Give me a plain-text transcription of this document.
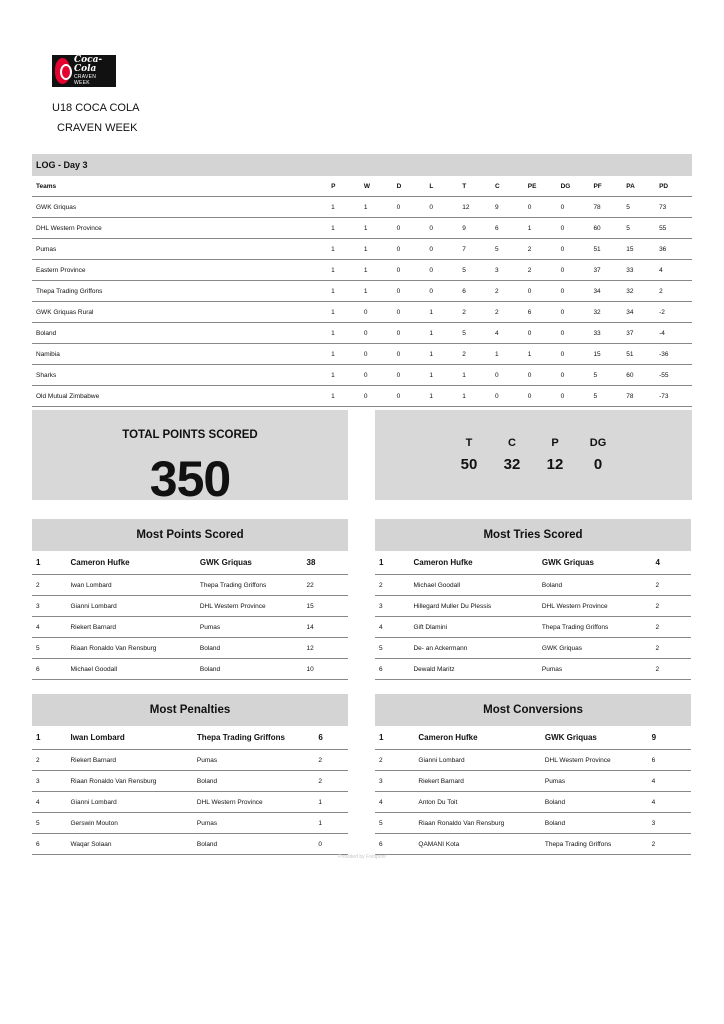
Coca-Cola
CRAVEN
WEEK
U18 COCA COLA
CRAVEN WEEK
LOG - Day 3
Teams	P	W	D	L	T	C	PE	DG	PF	PA	PD
GWK Griquas	1	1	0	0	12	9	0	0	78	5	73
DHL Western Province	1	1	0	0	9	6	1	0	60	5	55
Pumas	1	1	0	0	7	5	2	0	51	15	36
Eastern Province	1	1	0	0	5	3	2	0	37	33	4
Thepa Trading Griffons	1	1	0	0	6	2	0	0	34	32	2
GWK Griquas Rural	1	0	0	1	2	2	6	0	32	34	-2
Boland	1	0	0	1	5	4	0	0	33	37	-4
Namibia	1	0	0	1	2	1	1	0	15	51	-36
Sharks	1	0	0	1	1	0	0	0	5	60	-55
Old Mutual Zimbabwe	1	0	0	1	1	0	0	0	5	78	-73
TOTAL POINTS SCORED
350
T
50
C
32
P
12
DG
0
Most Points Scored
1	Cameron Hufke	GWK Griquas	38
2	Iwan Lombard	Thepa Trading Griffons	22
3	Gianni Lombard	DHL Western Province	15
4	Riekert Barnard	Pumas	14
5	Riaan Ronaldo Van Rensburg	Boland	12
6	Michael Goodall	Boland	10
Most Tries Scored
1	Cameron Hufke	GWK Griquas	4
2	Michael Goodall	Boland	2
3	Hillegard Muller Du Plessis	DHL Western Province	2
4	Gift Dlamini	Thepa Trading Griffons	2
5	De- an Ackermann	GWK Griquas	2
6	Dewald Maritz	Pumas	2
Most Penalties
1	Iwan Lombard	Thepa Trading Griffons	6
2	Riekert Barnard	Pumas	2
3	Riaan Ronaldo Van Rensburg	Boland	2
4	Gianni Lombard	DHL Western Province	1
5	Gerswin Mouton	Pumas	1
6	Waqar Solaan	Boland	0
Most Conversions
1	Cameron Hufke	GWK Griquas	9
2	Gianni Lombard	DHL Western Province	6
3	Riekert Barnard	Pumas	4
4	Anton Du Toit	Boland	4
5	Riaan Ronaldo Van Rensburg	Boland	3
6	QAMANI Kota	Thepa Trading Griffons	2
Provided by Footprint
